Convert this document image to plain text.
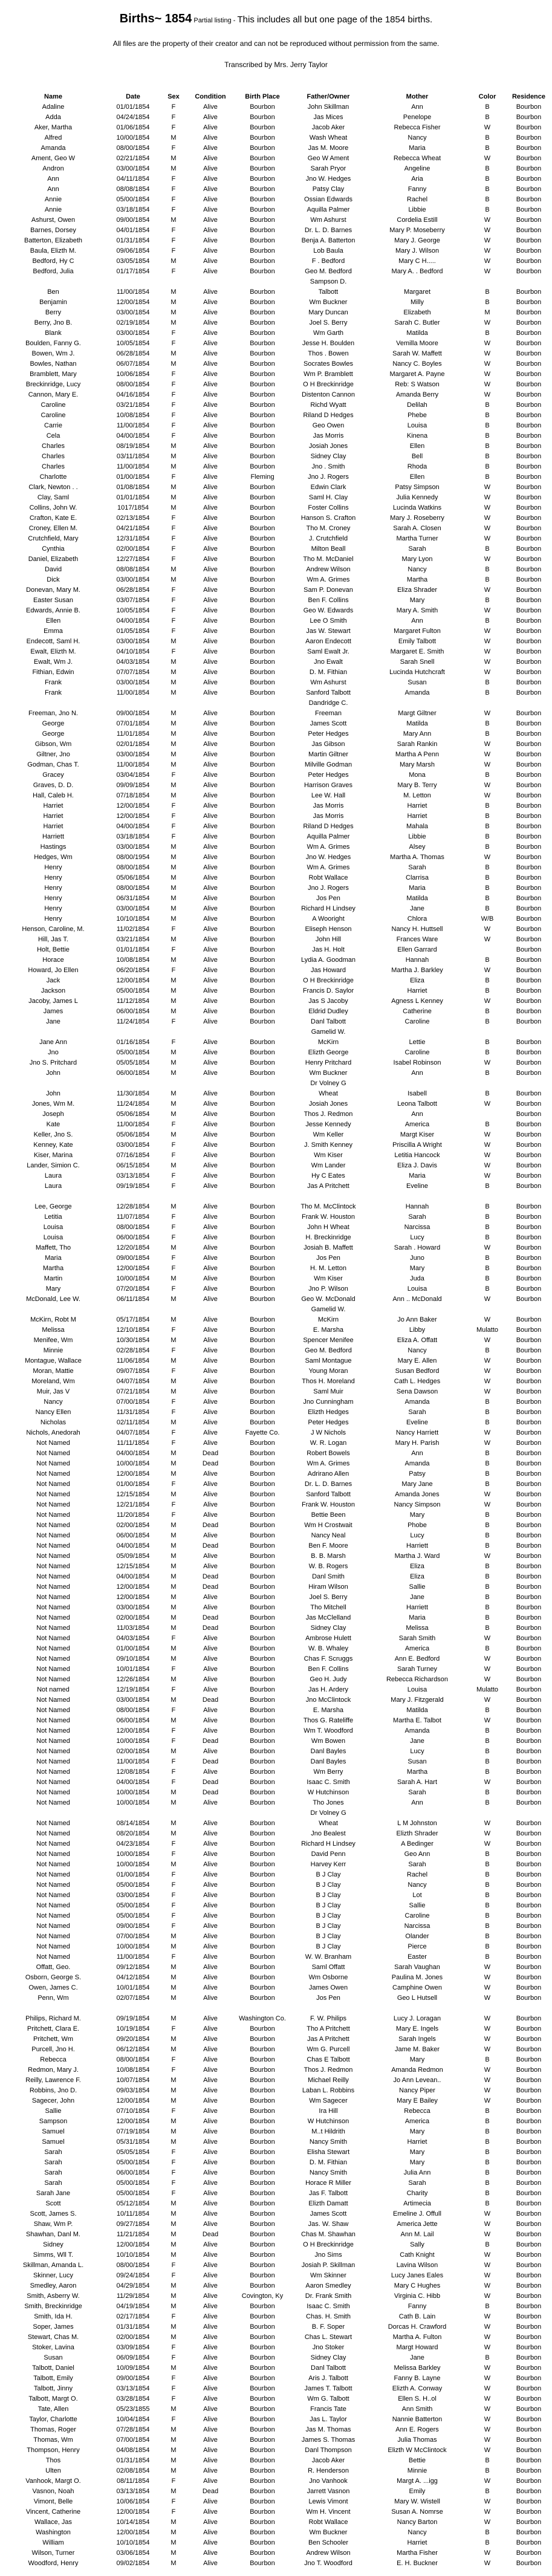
Births~ 1854 Partial listing - This includes all but one page of the 1854 births.
All files are the property of their creator and can not be reproduced without permission from the same.
Transcribed by Mrs. Jerry Taylor
Name	Date	Sex	Condition	Birth Place	Father/Owner	Mother	Color	Residence
Adaline	01/01/1854	F	Alive	Bourbon	John Skillman	Ann	B	Bourbon
Adda	04/24/1854	F	Alive	Bourbon	Jas Mices	Penelope	B	Bourbon
Aker, Martha	01/06/1854	F	Alive	Bourbon	Jacob Aker	Rebecca Fisher	W	Bourbon
Alfred	10/00/1854	M	Alive	Bourbon	Wash Wheat	Nancy	B	Bourbon
Amanda	08/00/1854	F	Alive	Bourbon	Jas M. Moore	Maria	B	Bourbon
Ament, Geo W	02/21/1854	M	Alive	Bourbon	Geo W Ament	Rebecca Wheat	W	Bourbon
Andron	03/00/1854	M	Alive	Bourbon	Sarah Pryor	Angeline	B	Bourbon
Ann	04/11/1854	F	Alive	Bourbon	Jno W. Hedges	Aria	B	Bourbon
Ann	08/08/1854	F	Alive	Bourbon	Patsy Clay	Fanny	B	Bourbon
Annie	05/00/1854	F	Alive	Bourbon	Ossian Edwards	Rachel	B	Bourbon
Annie	03/18/1854	F	Alive	Bourbon	Aquilla Palmer	Libbie	B	Bourbon
Ashurst, Owen	09/00/1854	M	Alive	Bourbon	Wm Ashurst	Cordelia Estill	W	Bourbon
Barnes, Dorsey	04/01/1854	F	Alive	Bourbon	Dr. L. D. Barnes	Mary P. Moseberry	W	Bourbon
Batterton, Elizabeth	01/31/1854	F	Alive	Bourbon	Benja A. Batterton	Mary J. George	W	Bourbon
Baula, Elizth M.	09/06/1854	F	Alive	Bourbon	Lob Baula	Mary J. Wilson	W	Bourbon
Bedford, Hy C	03/05/1854	M	Alive	Bourbon	F . Bedford	Mary C H.....	W	Bourbon
Bedford, Julia	01/17/1854	F	Alive	Bourbon	Geo M. Bedford	Mary A. . Bedford	W	Bourbon
					Sampson D.			
Ben	11/00/1854	M	Alive	Bourbon	Talbott	Margaret	B	Bourbon
Benjamin	12/00/1854	M	Alive	Bourbon	Wm Buckner	Milly	B	Bourbon
Berry	03/00/1854	M	Alive	Bourbon	Mary Duncan	Elizabeth	M	Bourbon
Berry, Jno B.	02/19/1854	M	Alive	Bourbon	Joel S. Berry	Sarah C. Butler	W	Bourbon
Blank	03/00/1854	F	Alive	Bourbon	Wm Garth	Matilda	B	Bourbon
Boulden, Fanny G.	10/05/1854	F	Alive	Bourbon	Jesse H. Boulden	Vemilla Moore	W	Bourbon
Bowen, Wm J.	06/28/1854	M	Alive	Bourbon	Thos . Bowen	Sarah W. Maffett	W	Bourbon
Bowles, Nathan	06/07/1854	M	Alive	Bourbon	Socrates Bowles	Nancy C. Boyles	W	Bourbon
Bramblett, Mary	10/06/1854	F	Alive	Bourbon	Wm P. Bramblett	Margaret A. Payne	W	Bourbon
Breckinridge, Lucy	08/00/1854	F	Alive	Bourbon	O H Breckinridge	Reb: S Watson	W	Bourbon
Cannon, Mary E.	04/16/1854	F	Alive	Bourbon	Distenton Cannon	Amanda Berry	W	Bourbon
Caroline	03/21/1854	F	Alive	Bourbon	Richd Wyatt	Delilah	B	Bourbon
Caroline	10/08/1854	F	Alive	Bourbon	Riland D Hedges	Phebe	B	Bourbon
Carrie	11/00/1854	F	Alive	Bourbon	Geo Owen	Louisa	B	Bourbon
Cela	04/00/1854	F	Alive	Bourbon	Jas Morris	Kinena	B	Bourbon
Charles	08/19/1854	M	Alive	Bourbon	Josiah Jones	Ellen	B	Bourbon
Charles	03/11/1854	M	Alive	Bourbon	Sidney Clay	Bell	B	Bourbon
Charles	11/00/1854	M	Alive	Bourbon	Jno . Smith	Rhoda	B	Bourbon
Charlotte	01/00/1854	F	Alive	Fleming	Jno J. Rogers	Ellen	B	Bourbon
Clark, Newton . .	01/08/1854	M	Alive	Bourbon	Edwin Clark	Patsy Simpson	W	Bourbon
Clay, Saml	01/01/1854	M	Alive	Bourbon	Saml H. Clay	Julia Kennedy	W	Bourbon
Collins, John W.	1017/1854	M	Alive	Bourbon	Foster Collins	Lucinda Watkins	W	Bourbon
Crafton, Kate E.	02/13/1854	F	Alive	Bourbon	Hanson S. Crafton	Mary J. Roseberry	W	Bourbon
Croney, Ellen M.	04/21/1854	F	Alive	Bourbon	Tho M. Croney	Sarah A. Closen	W	Bourbon
Crutchfield, Mary	12/31/1854	F	Alive	Bourbon	J. Crutchfield	Martha Turner	W	Bourbon
Cynthia	02/00/1854	F	Alive	Bourbon	Milton Beall	Sarah	B	Bourbon
Daniel, Elizabeth	12/27/1854	F	Alive	Bourbon	Tho M. McDaniel	Mary Lyon	W	Bourbon
David	08/08/1854	M	Alive	Bourbon	Andrew Wilson	Nancy	B	Bourbon
Dick	03/00/1854	M	Alive	Bourbon	Wm A. Grimes	Martha	B	Bourbon
Donevan, Mary M.	06/28/1854	F	Alive	Bourbon	Sam P. Donevan	Eliza Shrader	W	Bourbon
Easter Susan	03/07/1854	F	Alive	Bourbon	Ben F. Collins	Mary	B	Bourbon
Edwards, Annie B.	10/05/1854	F	Alive	Bourbon	Geo W. Edwards	Mary A. Smith	W	Bourbon
Ellen	04/00/1854	F	Alive	Bourbon	Lee O Smith	Ann	B	Bourbon
Emma	01/05/1854	F	Alive	Bourbon	Jas W. Stewart	Margaret Fulton	W	Bourbon
Endecott, Saml H.	03/00/1854	M	Alive	Bourbon	Aaron Endecott	Emily Talbott	W	Bourbon
Ewalt, Elizth M.	04/10/1854	F	Alive	Bourbon	Saml Ewalt Jr.	Margaret E. Smith	W	Bourbon
Ewalt, Wm J.	04/03/1854	M	Alive	Bourbon	Jno Ewalt	Sarah Snell	W	Bourbon
Fithian, Edwin	07/07/1854	M	Alive	Bourbon	D. M. Fithian	Lucinda Hutchcraft	W	Bourbon
Frank	03/00/1854	M	Alive	Bourbon	Wm Ashurst	Susan	B	Bourbon
Frank	11/00/1854	M	Alive	Bourbon	Sanford Talbott	Amanda	B	Bourbon
					Dandridge C.			
Freeman, Jno N.	09/00/1854	M	Alive	Bourbon	Freeman	Margt Giltner	W	Bourbon
George	07/01/1854	M	Alive	Bourbon	James Scott	Matilda	B	Bourbon
George	11/01/1854	M	Alive	Bourbon	Peter Hedges	Mary Ann	B	Bourbon
Gibson, Wm	02/01/1854	M	Alive	Bourbon	Jas Gibson	Sarah Rankin	W	Bourbon
Giltner, Jno	03/00/1854	M	Alive	Bourbon	Martin Giltner	Martha A Penn	W	Bourbon
Godman, Chas T.	11/00/1854	M	Alive	Bourbon	Milville Godman	Mary Marsh	W	Bourbon
Gracey	03/04/1854	F	Alive	Bourbon	Peter Hedges	Mona	B	Bourbon
Graves, D. D.	09/09/1854	M	Alive	Bourbon	Harrison Graves	Mary B. Terry	W	Bourbon
Hall, Caleb H.	07/18/1854	M	Alive	Bourbon	Lee W. Hall	M. Letton	W	Bourbon
Harriet	12/00/1854	F	Alive	Bourbon	Jas Morris	Harriet	B	Bourbon
Harriet	12/00/1854	F	Alive	Bourbon	Jas Morris	Harriet	B	Bourbon
Harriet	04/00/1854	F	Alive	Bourbon	Riland D Hedges	Mahala	B	Bourbon
Harriett	03/18/1854	F	Alive	Bourbon	Aquilla Palmer	Libbie	B	Bourbon
Hastings	03/00/1854	M	Alive	Bourbon	Wm A. Grimes	Alsey	B	Bourbon
Hedges, Wm	08/00/1954	M	Alive	Bourbon	Jno W. Hedges	Martha A. Thomas	W	Bourbon
Henry	08/00/1854	M	Alive	Bourbon	Wm A. Grimes	Sarah	B	Bourbon
Henry	05/06/1854	M	Alive	Bourbon	Robt Wallace	Clarrisa	B	Bourbon
Henry	08/00/1854	M	Alive	Bourbon	Jno J. Rogers	Maria	B	Bourbon
Henry	06/31/1854	M	Alive	Bourbon	Jos Pen	Matilda	B	Bourbon
Henry	03/00/1854	M	Alive	Bourbon	Richard H Lindsey	Jane	B	Bourbon
Henry	10/10/1854	M	Alive	Bourbon	A Wooright	Chlora	W/B	Bourbon
Henson, Caroline, M.	11/02/1854	F	Alive	Bourbon	Eliseph Henson	Nancy H. Huttsell	W	Bourbon
Hill, Jas T.	03/21/1854	M	Alive	Bourbon	John Hill	Frances Ware	W	Bourbon
Holt, Bettie	01/01/1854	F	Alive	Bourbon	Jas H. Holt	Ellen Garrard		Bourbon
Horace	10/08/1854	M	Alive	Bourbon	Lydia A. Goodman	Hannah	B	Bourbon
Howard, Jo Ellen	06/20/1854	F	Alive	Bourbon	Jas Howard	Martha J. Barkley	W	Bourbon
Jack	12/00/1854	M	Alive	Bourbon	O H Breckinridge	Eliza	B	Bourbon
Jackson	05/00/1854	M	Alive	Bourbon	Francis D. Saylor	Harriet	B	Bourbon
Jacoby, James L	11/12/1854	M	Alive	Bourbon	Jas S Jacoby	Agness L Kenney	W	Bourbon
James	06/00/1854	M	Alive	Bourbon	Eldrid Dudley	Catherine	B	Bourbon
Jane	11/24/1854	F	Alive	Bourbon	Danl Talbott	Caroline	B	Bourbon
					Gamelid W.			
Jane Ann	01/16/1854	F	Alive	Bourbon	McKirn	Lettie	B	Bourbon
Jno	05/00/1854	M	Alive	Bourbon	Elizth George	Caroline	B	Bourbon
Jno S. Pritchard	05/05/1854	M	Alive	Bourbon	Henry Pritchard	Isabel Robinson	W	Bourbon
John	06/00/1854	M	Alive	Bourbon	Wm Buckner	Ann	B	Bourbon
					Dr Volney G			
John	11/30/1854	M	Alive	Bourbon	Wheat	Isabell	B	Bourbon
Jones, Wm M.	11/24/1854	M	Alive	Bourbon	Josiah Jones	Leona Talbott	W	Bourbon
Joseph	05/06/1854	M	Alive	Bourbon	Thos J. Redmon	Ann		Bourbon
Kate	11/00/1854	F	Alive	Bourbon	Jesse Kennedy	America	B	Bourbon
Keller, Jno S.	05/06/1854	M	Alive	Bourbon	Wm Keller	Margt Kiser	W	Bourbon
Kenney, Kate	03/00/1854	F	Alive	Bourbon	J. Smith Kenney	Priscilla A Wright	W	Bourbon
Kiser, Marina	07/16/1854	F	Alive	Bourbon	Wm Kiser	Letitia Hancock	W	Bourbon
Lander, Simion C.	06/15/1854	M	Alive	Bourbon	Wm Lander	Eliza J. Davis	W	Bourbon
Laura	03/13/1854	F	Alive	Bourbon	Hy C Eates	Maria	W	Bourbon
Laura	09/19/1854	F	Alive	Bourbon	Jas A Pritchett	Eveline	B	Bourbon

Lee, George	12/28/1854	M	Alive	Bourbon	Tho M. McClintock	Hannah	B	Bourbon
Letitia	11/07/1854	F	Alive	Bourbon	Frank W. Houston	Sarah	B	Bourbon
Louisa	08/00/1854	F	Alive	Bourbon	John H Wheat	Narcissa	B	Bourbon
Louisa	06/00/1854	F	Alive	Bourbon	H. Breckinridge	Lucy	B	Bourbon
Maffett, Tho	12/20/1854	M	Alive	Bourbon	Josiah B. Maffett	Sarah . Howard	W	Bourbon
Maria	09/00/1854	F	Alive	Bourbon	Jos Pen	Juno	B	Bourbon
Martha	12/00/1854	F	Alive	Bourbon	H. M. Letton	Mary	B	Bourbon
Martin	10/00/1854	M	Alive	Bourbon	Wm Kiser	Juda	B	Bourbon
Mary	07/20/1854	F	Alive	Bourbon	Jno P. Wilson	Louisa	B	Bourbon
McDonald, Lee W.	06/11/1854	M	Alive	Bourbon	Geo W. McDonald	Ann .. McDonald	W	Bourbon
					Gamelid W.			
McKirn, Robt M	05/17/1854	M	Alive	Bourbon	McKirn	Jo Ann Baker	W	Bourbon
Melissa	12/10/1854	F	Alive	Bourbon	E. Marsha	Libby	Mulatto	Bourbon
Menifee, Wm	10/30/1854	M	Alive	Bourbon	Spencer Menifee	Eliza A. Offatt	W	Bourbon
Minnie	02/28/1854	F	Alive	Bourbon	Geo M. Bedford	Nancy	B	Bourbon
Montague, Wallace	11/06/1854	M	Alive	Bourbon	Saml Montague	Mary E. Allen	W	Bourbon
Moran, Mattie	09/07/1854	F	Alive	Bourbon	Young Moran	Susan Bedford	W	Bourbon
Moreland, Wm	04/07/1854	M	Alive	Bourbon	Thos H. Moreland	Cath L. Hedges	W	Bourbon
Muir, Jas V	07/21/1854	M	Alive	Bourbon	Saml Muir	Sena Dawson	W	Bourbon
Nancy	07/00/1854	F	Alive	Bourbon	Jno Cunningham	Amanda	B	Bourbon
Nancy Ellen	11/31/1854	F	Alive	Bourbon	Elizth Hedges	Sarah	B	Bourbon
Nicholas	02/11/1854	M	Alive	Bourbon	Peter Hedges	Eveline	B	Bourbon
Nichols, Anedorah	04/07/1854	F	Alive	Fayette Co.	J W Nichols	Nancy Harriett	W	Bourbon
Not Named	11/11/1854	F	Alive	Bourbon	W. R. Logan	Mary H. Parish	W	Bourbon
Not Named	04/00/1854	M	Dead	Bourbon	Robert Bowels	Ann	B	Bourbon
Not Named	10/00/1854	M	Dead	Bourbon	Wm A. Grimes	Amanda	B	Bourbon
Not Named	12/00/1854	M	Alive	Bourbon	Adrirano Allen	Patsy	B	Bourbon
Not Named	01/00/1854	F	Alive	Bourbon	Dr. L. D. Barnes	Mary Jane	B	Bourbon
Not Named	12/15/1854	M	Alive	Bourbon	Sanford Talbott	Amanda Jones	W	Bourbon
Not Named	12/21/1854	F	Alive	Bourbon	Frank W. Houston	Nancy Simpson	W	Bourbon
Not Named	11/20/1854	F	Alive	Bourbon	Bettie Been	Mary	B	Bourbon
Not Named	02/00/1854	M	Dead	Bourbon	Wm H Crostwait	Phobe	B	Bourbon
Not Named	06/00/1854	M	Alive	Bourbon	Nancy Neal	Lucy	B	Bourbon
Not Named	04/00/1854	M	Dead	Bourbon	Ben F. Moore	Harriett	B	Bourbon
Not Named	05/09/1854	M	Alive	Bourbon	B. B. Marsh	Martha J. Ward	W	Bourbon
Not Named	12/15/1854	M	Alive	Bourbon	W. B. Rogers	Eliza	B	Bourbon
Not Named	04/00/1854	M	Dead	Bourbon	Danl Smith	Eliza	B	Bourbon
Not Named	12/00/1854	M	Dead	Bourbon	Hiram Wilson	Sallie	B	Bourbon
Not Named	12/00/1854	M	Alive	Bourbon	Joel S. Berry	Jane	B	Bourbon
Not Named	03/00/1854	M	Alive	Bourbon	Tho Mitchell	Harriett	B	Bourbon
Not Named	02/00/1854	M	Dead	Bourbon	Jas McClelland	Maria	B	Bourbon
Not Named	11/03/1854	M	Dead	Bourbon	Sidney Clay	Melissa	B	Bourbon
Not Named	04/03/1854	F	Alive	Bourbon	Ambrose Hulett	Sarah Smith	W	Bourbon
Not Named	01/00/1854	M	Alive	Bourbon	W. B. Whaley	America	B	Bourbon
Not Named	09/10/1854	M	Alive	Bourbon	Chas F. Scruggs	Ann E. Bedford	W	Bourbon
Not Named	10/01/1854	F	Alive	Bourbon	Ben F. Collins	Sarah Turney	W	Bourbon
Not Named	12/26/1854	M	Alive	Bourbon	Geo H. Judy	Rebecca Richardson	W	Bourbon
Not named	12/19/1854	F	Alive	Bourbon	Jas H. Ardery	Louisa	Mulatto	Bourbon
Not Named	03/00/1854	M	Dead	Bourbon	Jno McClintock	Mary J. Fitzgerald	W	Bourbon
Not Named	08/00/1854	F	Alive	Bourbon	E. Marsha	Matilda	B	Bourbon
Not Named	06/00/1854	M	Alive	Bourbon	Thos G. Rateliffe	Martha E. Talbot	W	Bourbon
Not Named	12/00/1854	F	Alive	Bourbon	Wm T. Woodford	Amanda	B	Bourbon
Not Named	10/00/1854	F	Dead	Bourbon	Wm Bowen	Jane	B	Bourbon
Not Named	02/00/1854	M	Alive	Bourbon	Danl Bayles	Lucy	B	Bourbon
Not Named	11/00/1854	F	Dead	Bourbon	Danl Bayles	Susan	B	Bourbon
Not Named	12/08/1854	F	Alive	Bourbon	Wm Berry	Martha	B	Bourbon
Not Named	04/00/1854	F	Dead	Bourbon	Isaac C. Smith	Sarah A. Hart	W	Bourbon
Not Named	10/00/1854	M	Dead	Bourbon	W Hutchinson	Sarah	B	Bourbon
Not Named	10/00/1854	M	Alive	Bourbon	Tho Jones	Ann	B	Bourbon
					Dr Volney G			
Not Named	08/14/1854	M	Alive	Bourbon	Wheat	L M Johnston	W	Bourbon
Not Named	08/20/1854	M	Alive	Bourbon	Jno Bealest	Elizth Shrader	W	Bourbon
Not Named	04/23/1854	F	Alive	Bourbon	Richard H Lindsey	A Bedinger	W	Bourbon
Not Named	10/00/1854	F	Alive	Bourbon	David Penn	Geo Ann	B	Bourbon
Not Named	10/00/1854	M	Alive	Bourbon	Harvey Kerr	Sarah	B	Bourbon
Not Named	01/00/1854	F	Alive	Bourbon	B J Clay	Rachel	B	Bourbon
Not Named	05/00/1854	F	Alive	Bourbon	B J Clay	Nancy	B	Bourbon
Not Named	03/00/1854	F	Alive	Bourbon	B J Clay	Lot	B	Bourbon
Not Named	05/00/1854	F	Alive	Bourbon	B J Clay	Sallie	B	Bourbon
Not Named	05/00/1854	F	Alive	Bourbon	B J Clay	Caroline	B	Bourbon
Not Named	09/00/1854	F	Alive	Bourbon	B J Clay	Narcissa	B	Bourbon
Not Named	07/00/1854	M	Alive	Bourbon	B J Clay	Olander	B	Bourbon
Not Named	10/00/1854	M	Alive	Bourbon	B J Clay	Pierce	B	Bourbon
Not Named	11/00/1854	F	Alive	Bourbon	W. W. Branham	Easter	B	Bourbon
Offatt, Geo.	09/12/1854	M	Alive	Bourbon	Saml Offatt	Sarah Vaughan	W	Bourbon
Osborn, George S.	04/12/1854	M	Alive	Bourbon	Wm Osborne	Paulina M. Jones	W	Bourbon
Owen, James C.	10/01/1854	M	Alive	Bourbon	James Owen	Camphine Owen	W	Bourbon
Penn, Wm	02/07/1854	M	Alive	Bourbon	Jos Pen	Geo L Hutsell	W	Bourbon

Philips, Richard M.	09/19/1854	M	Alive	Washington Co.	F. W. Philips	Lucy J. Loragan	W	Bourbon
Pritchett, Clara E.	10/19/1854	F	Alive	Bourbon	Tho A Pritchett	Mary E. Ingels	W	Bourbon
Pritchett, Wm	09/20/1854	M	Alive	Bourbon	Jas A Pritchett	Sarah Ingels	W	Bourbon
Purcell, Jno H.	06/12/1854	M	Alive	Bourbon	Wm G. Purcell	Jame M. Baker	W	Bourbon
Rebecca	08/00/1854	F	Alive	Bourbon	Chas E Talbott	Mary	B	Bourbon
Redmon, Mary J.	10/08/1854	F	Alive	Bourbon	Thos J. Redmon	Amanda Redmon	W	Bourbon
Reilly, Lawrence F.	10/07/1854	M	Alive	Bourbon	Michael Reilly	Jo Ann Levean..	W	Bourbon
Robbins, Jno D.	09/03/1854	M	Alive	Bourbon	Laban L. Robbins	Nancy Piper	W	Bourbon
Sagecer, John	12/00/1854	M	Alive	Bourbon	Wm Sagecer	Mary E Bailey	W	Bourbon
Sallie	07/10/1854	F	Alive	Bourbon	Ira Hill	Rebecca	B	Bourbon
Sampson	12/00/1854	M	Alive	Bourbon	W Hutchinson	America	B	Bourbon
Samuel	07/19/1854	M	Alive	Bourbon	M..t Hildrith	Mary	B	Bourbon
Samuel	05/31/1854	M	Alive	Bourbon	Nancy Smith	Harriet	B	Bourbon
Sarah	05/05/1854	F	Alive	Bourbon	Elisha Stewart	Mary	B	Bourbon
Sarah	05/00/1854	F	Alive	Bourbon	D. M. Fithian	Mary	B	Bourbon
Sarah	06/00/1854	F	Alive	Bourbon	Nancy Smith	Julia Ann	B	Bourbon
Sarah	05/00/1854	F	Alive	Bourbon	Horace R Miller	Sarah	B	Bourbon
Sarah Jane	05/00/1854	F	Alive	Bourbon	Jas F. Talbott	Charity	B	Bourbon
Scott	05/12/1854	M	Alive	Bourbon	Elizth Damatt	Artimecia	B	Bourbon
Scott, James S.	10/11/1854	M	Alive	Bourbon	James Scott	Emeline J. Offull	W	Bourbon
Shaw, Wm P.	09/27/1854	M	Alive	Bourbon	Jas. W. Shaw	America Jette	W	Bourbon
Shawhan, Danl M.	11/21/1854	M	Dead	Bourbon	Chas M. Shawhan	Ann M. Lail	W	Bourbon
Sidney	12/00/1854	M	Alive	Bourbon	O H Breckinridge	Sally	B	Bourbon
Simms, Wll T.	10/10/1854	M	Alive	Bourbon	Jno Sims	Cath Knight	W	Bourbon
Skillman, Amanda L.	08/00/1854	F	Alive	Bourbon	Josiah P. Skillman	Lavina Wilson	W	Bourbon
Skinner, Lucy	09/24/1854	F	Alive	Bourbon	Wm Skinner	Lucy Janes Eales	W	Bourbon
Smedley, Aaron	04/29/1854	M	Alive	Bourbon	Aaron Smedley	Mary C Hughes	W	Bourbon
Smith, Asberry W.	11/29/1854	M	Alive	Covington, Ky	Dr. Frank Smith	Virginia C. Hibb	W	Bourbon
Smith, Breckinridge	04/19/1854	M	Alive	Bourbon	Isaac C. Smith	Fanny	B	Bourbon
Smith, Ida H.	02/17/1854	F	Alive	Bourbon	Chas. H. Smith	Cath B. Lain	W	Bourbon
Soper, James	01/31/1854	M	Alive	Bourbon	B. F. Soper	Dorcas H. Crawford	W	Bourbon
Stewart, Chas M.	02/00/1854	M	Alive	Bourbon	Chas L. Stewart	Martha A. Fulton	W	Bourbon
Stoker, Lavina	03/09/1854	F	Alive	Bourbon	Jno Stoker	Margt Howard	W	Bourbon
Susan	06/09/1854	F	Alive	Bourbon	Sidney Clay	Jane	B	Bourbon
Talbott, Daniel	10/09/1854	M	Alive	Bourbon	Danl Talbott	Melissa Barkley	W	Bourbon
Talbott, Emily	09/00/1854	F	Alive	Bourbon	Aris J. Talbott	Fanny B. Layne	W	Bourbon
Talbott, Jinny	03/13/1854	F	Alive	Bourbon	James T. Talbott	Elizth A. Conway	W	Bourbon
Talbott, Margt O.	03/28/1854	F	Alive	Bourbon	Wm G. Talbott	Ellen S. H..ol	W	Bourbon
Tate, Allen	05/23/1855	M	Alive	Bourbon	Francis Tate	Ann Smith	W	Bourbon
Taylor, Charlotte	10/04/1854	F	Alive	Bourbon	Jas L. Taylor	Nannie Batterton	W	Bourbon
Thomas, Roger	07/28/1854	M	Alive	Bourbon	Jas M. Thomas	Ann E. Rogers	W	Bourbon
Thomas, Wm	07/00/1854	M	Alive	Bourbon	James S. Thomas	Julia Thomas	W	Bourbon
Thompson, Henry	04/08/1854	M	Alive	Bourbon	Danl Thompson	Elizth W McClintock	W	Bourbon
Thos	01/31/1854	M	Alive	Bourbon	Jacob Aker	Bettie	B	Bourbon
Ulten	02/08/1854	M	Alive	Bourbon	R. Henderson	Minnie	B	Bourbon
Vanhook, Margt O.	08/11/1854	F	Alive	Bourbon	Jno Vanhook	Margt A. ...igg	W	Bourbon
Vasnon, Noah	03/13/1854	M	Dead	Bourbon	Jarrett Vasnon	Emily	B	Bourbon
Vimont, Belle	10/06/1854	F	Alive	Bourbon	Lewis Vimont	Mary W. Wistell	W	Bourbon
Vincent, Catherine	12/00/1854	F	Alive	Bourbon	Wm H. Vincent	Susan A. Nomrse	W	Bourbon
Wallace, Jas	10/14/1854	M	Alive	Bourbon	Robt Wallace	Nancy Barton	W	Bourbon
Washington	12/00/1854	M	Alive	Bourbon	Wm Buckner	Nancy	B	Bourbon
William	10/10/1854	M	Alive	Bourbon	Ben Schooler	Harriet	B	Bourbon
Wilson, Turner	03/06/1854	M	Alive	Bourbon	Andrew Wilson	Martha Fisher	W	Bourbon
Woodford, Henry	09/02/1854	M	Alive	Bourbon	Jno T. Woodford	E. H. Buckner	W	Bourbon
